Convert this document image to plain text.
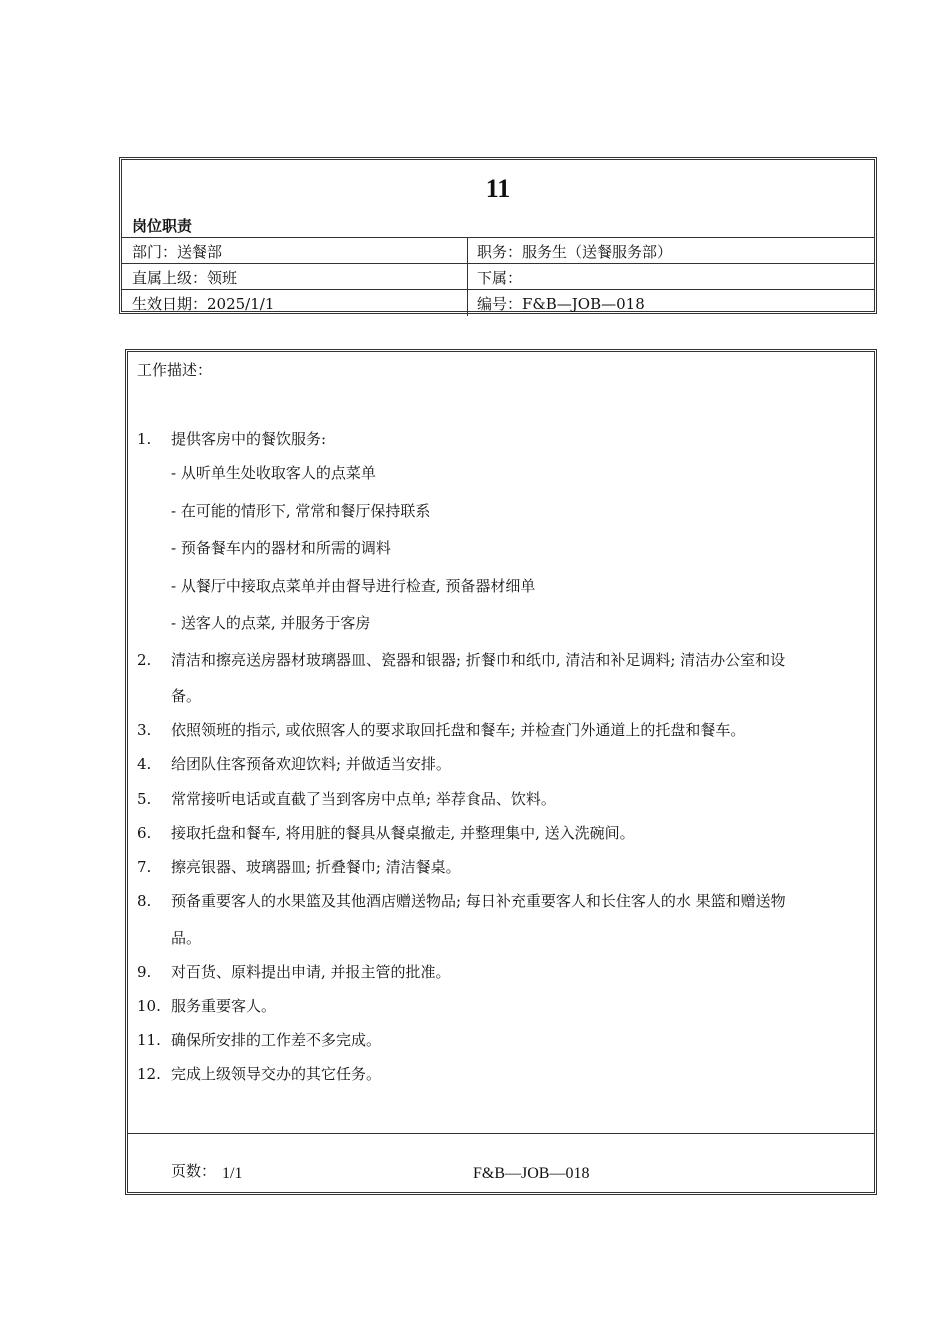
11
岗位职责
部门：送餐部	职务：服务生（送餐服务部）
直属上级：领班	下属：
生效日期：2025/1/1	编号：F&B—JOB—018
工作描述：
1. 提供客房中的餐饮服务:
- 从听单生处收取客人的点菜单
- 在可能的情形下, 常常和餐厅保持联系
- 预备餐车内的器材和所需的调料
- 从餐厅中接取点菜单并由督导进行检查, 预备器材细单
- 送客人的点菜, 并服务于客房
2. 清洁和擦亮送房器材玻璃器皿、瓷器和银器; 折餐巾和纸巾, 清洁和补足调料; 清洁办公室和设
备。
3. 依照领班的指示, 或依照客人的要求取回托盘和餐车; 并检查门外通道上的托盘和餐车。
4. 给团队住客预备欢迎饮料; 并做适当安排。
5. 常常接听电话或直截了当到客房中点单; 举荐食品、饮料。
6. 接取托盘和餐车, 将用脏的餐具从餐桌撤走, 并整理集中, 送入洗碗间。
7. 擦亮银器、玻璃器皿; 折叠餐巾; 清洁餐桌。
8. 预备重要客人的水果篮及其他酒店赠送物品; 每日补充重要客人和长住客人的水 果篮和赠送物
品。
9. 对百货、原料提出申请, 并报主管的批准。
10. 服务重要客人。
11. 确保所安排的工作差不多完成。
12. 完成上级领导交办的其它任务。
页数： 1/1	F&B—JOB—018
